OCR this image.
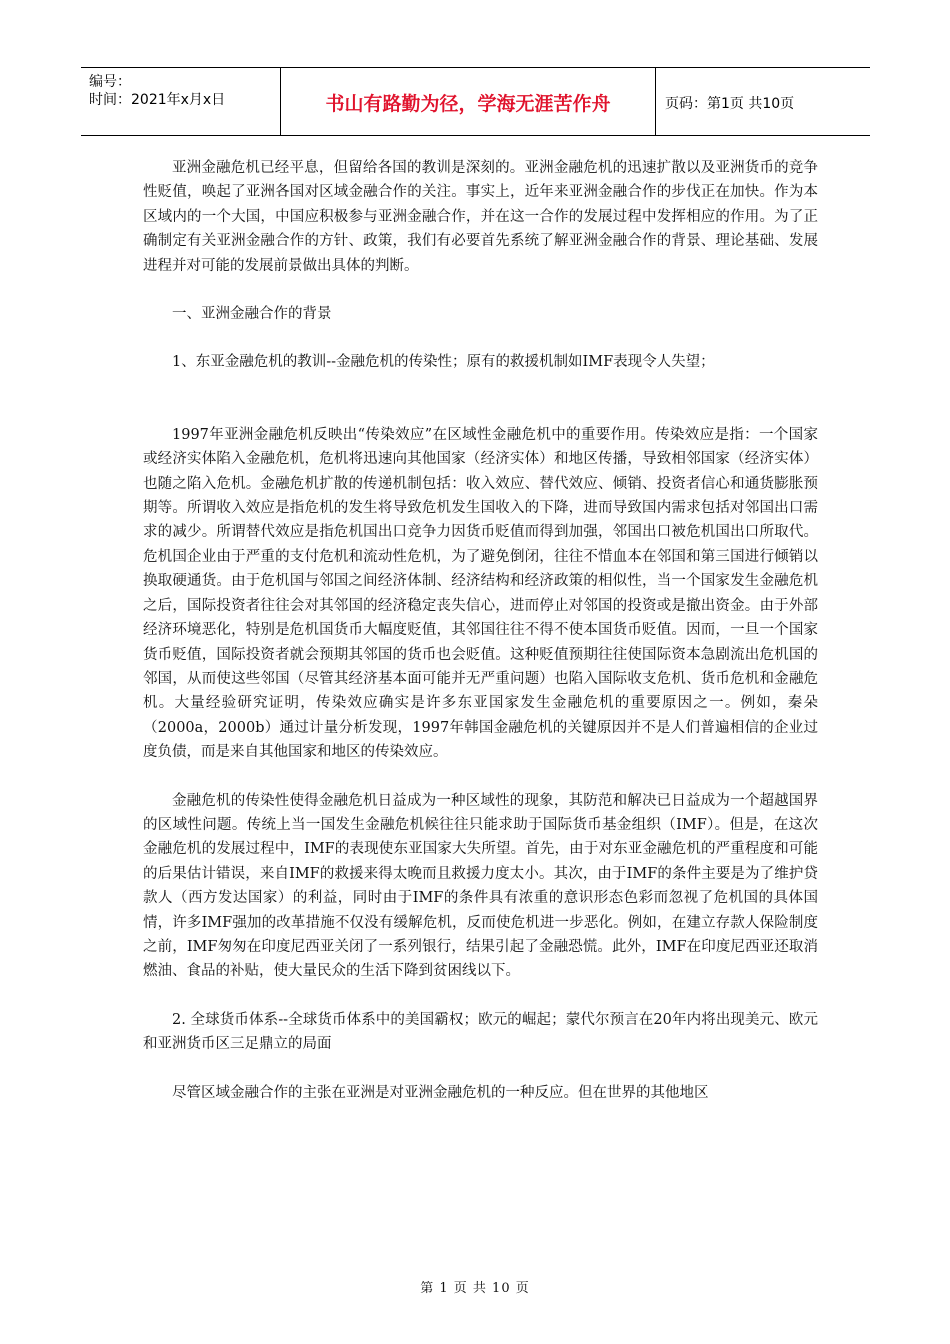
编号：
时间：2021年x月x日	书山有路勤为径，学海无涯苦作舟	页码：第1页 共10页

亚洲金融危机已经平息，但留给各国的教训是深刻的。亚洲金融危机的迅速扩散以及亚洲货币的竞争性贬值，唤起了亚洲各国对区域金融合作的关注。事实上，近年来亚洲金融合作的步伐正在加快。作为本区域内的一个大国，中国应积极参与亚洲金融合作，并在这一合作的发展过程中发挥相应的作用。为了正确制定有关亚洲金融合作的方针、政策，我们有必要首先系统了解亚洲金融合作的背景、理论基础、发展进程并对可能的发展前景做出具体的判断。

一、亚洲金融合作的背景

1、东亚金融危机的教训--金融危机的传染性；原有的救援机制如IMF表现令人失望；

1997年亚洲金融危机反映出“传染效应”在区域性金融危机中的重要作用。传染效应是指：一个国家或经济实体陷入金融危机，危机将迅速向其他国家（经济实体）和地区传播，导致相邻国家（经济实体）也随之陷入危机。金融危机扩散的传递机制包括：收入效应、替代效应、倾销、投资者信心和通货膨胀预期等。所谓收入效应是指危机的发生将导致危机发生国收入的下降，进而导致国内需求包括对邻国出口需求的减少。所谓替代效应是指危机国出口竞争力因货币贬值而得到加强，邻国出口被危机国出口所取代。危机国企业由于严重的支付危机和流动性危机，为了避免倒闭，往往不惜血本在邻国和第三国进行倾销以换取硬通货。由于危机国与邻国之间经济体制、经济结构和经济政策的相似性，当一个国家发生金融危机之后，国际投资者往往会对其邻国的经济稳定丧失信心，进而停止对邻国的投资或是撤出资金。由于外部经济环境恶化，特别是危机国货币大幅度贬值，其邻国往往不得不使本国货币贬值。因而，一旦一个国家货币贬值，国际投资者就会预期其邻国的货币也会贬值。这种贬值预期往往使国际资本急剧流出危机国的邻国，从而使这些邻国（尽管其经济基本面可能并无严重问题）也陷入国际收支危机、货币危机和金融危机。大量经验研究证明，传染效应确实是许多东亚国家发生金融危机的重要原因之一。例如，秦朵（2000a，2000b）通过计量分析发现，1997年韩国金融危机的关键原因并不是人们普遍相信的企业过度负债，而是来自其他国家和地区的传染效应。

金融危机的传染性使得金融危机日益成为一种区域性的现象，其防范和解决已日益成为一个超越国界的区域性问题。传统上当一国发生金融危机候往往只能求助于国际货币基金组织（IMF）。但是，在这次金融危机的发展过程中，IMF的表现使东亚国家大失所望。首先，由于对东亚金融危机的严重程度和可能的后果估计错误，来自IMF的救援来得太晚而且救援力度太小。其次，由于IMF的条件主要是为了维护贷款人（西方发达国家）的利益，同时由于IMF的条件具有浓重的意识形态色彩而忽视了危机国的具体国情，许多IMF强加的改革措施不仅没有缓解危机，反而使危机进一步恶化。例如，在建立存款人保险制度之前，IMF匆匆在印度尼西亚关闭了一系列银行，结果引起了金融恐慌。此外，IMF在印度尼西亚还取消燃油、食品的补贴，使大量民众的生活下降到贫困线以下。

2. 全球货币体系--全球货币体系中的美国霸权；欧元的崛起；蒙代尔预言在20年内将出现美元、欧元和亚洲货币区三足鼎立的局面

尽管区域金融合作的主张在亚洲是对亚洲金融危机的一种反应。但在世界的其他地区

第 1 页 共 10 页
